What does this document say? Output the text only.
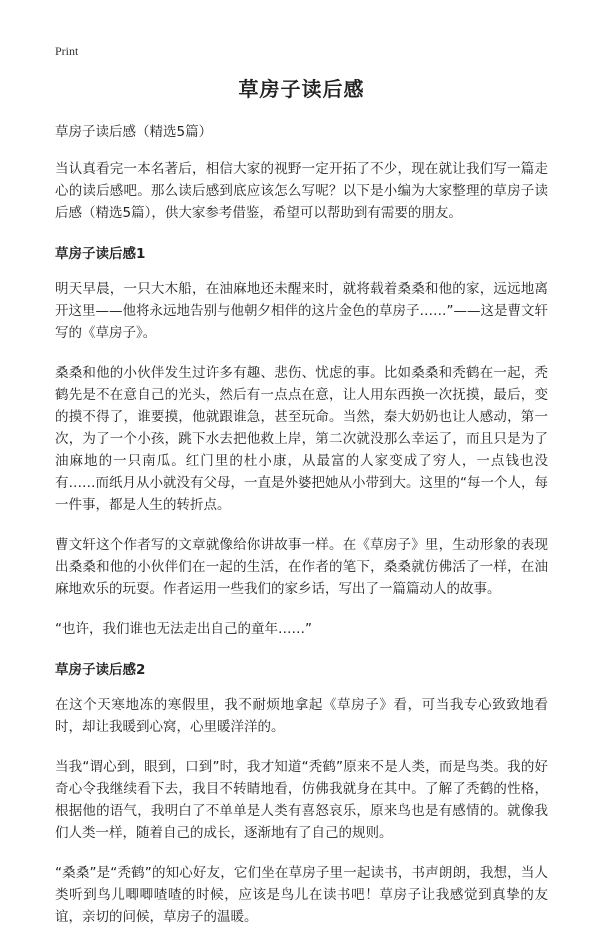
Print
草房子读后感

草房子读后感（精选5篇）

当认真看完一本名著后，相信大家的视野一定开拓了不少，现在就让我们写一篇走心的读后感吧。那么读后感到底应该怎么写呢？以下是小编为大家整理的草房子读后感（精选5篇），供大家参考借鉴，希望可以帮助到有需要的朋友。

草房子读后感1

明天早晨，一只大木船，在油麻地还未醒来时，就将载着桑桑和他的家，远远地离开这里——他将永远地告别与他朝夕相伴的这片金色的草房子……”——这是曹文轩写的《草房子》。

桑桑和他的小伙伴发生过许多有趣、悲伤、忧虑的事。比如桑桑和秃鹤在一起，秃鹤先是不在意自己的光头，然后有一点点在意，让人用东西换一次抚摸，最后，变的摸不得了，谁要摸，他就跟谁急，甚至玩命。当然，秦大奶奶也让人感动，第一次，为了一个小孩，跳下水去把他救上岸，第二次就没那么幸运了，而且只是为了油麻地的一只南瓜。红门里的杜小康，从最富的人家变成了穷人，一点钱也没有……而纸月从小就没有父母，一直是外婆把她从小带到大。这里的“每一个人，每一件事，都是人生的转折点。

曹文轩这个作者写的文章就像给你讲故事一样。在《草房子》里，生动形象的表现出桑桑和他的小伙伴们在一起的生活，在作者的笔下，桑桑就仿佛活了一样，在油麻地欢乐的玩耍。作者运用一些我们的家乡话，写出了一篇篇动人的故事。

“也许，我们谁也无法走出自己的童年……”

草房子读后感2

在这个天寒地冻的寒假里，我不耐烦地拿起《草房子》看，可当我专心致致地看时，却让我暖到心窝，心里暖洋洋的。

当我“谓心到，眼到，口到”时，我才知道“秃鹤”原来不是人类，而是鸟类。我的好奇心令我继续看下去，我目不转睛地看，仿佛我就身在其中。了解了秃鹤的性格，根据他的语气，我明白了不单单是人类有喜怒哀乐，原来鸟也是有感情的。就像我们人类一样，随着自己的成长，逐渐地有了自己的规则。

“桑桑”是“秃鹤”的知心好友，它们坐在草房子里一起读书，书声朗朗，我想，当人类听到鸟儿唧唧喳喳的时候，应该是鸟儿在读书吧！草房子让我感觉到真挚的友谊，亲切的问候，草房子的温暖。
